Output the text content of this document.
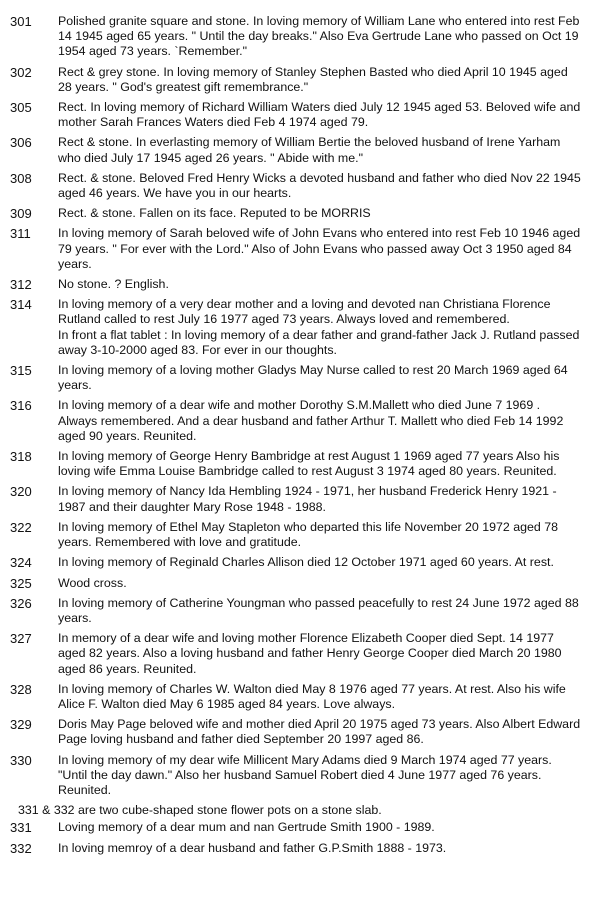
301	Polished granite square and stone. In loving memory of William Lane who entered into rest Feb 14 1945 aged 65 years. " Until the day breaks." Also Eva Gertrude Lane who passed on Oct 19 1954 aged 73 years. `Remember."

302	Rect & grey stone. In loving memory of Stanley Stephen Basted who died April 10 1945 aged 28 years. " God's greatest gift remembrance."

305	Rect. In loving memory of Richard William Waters died July 12 1945 aged 53. Beloved wife and mother Sarah Frances Waters died Feb 4 1974 aged 79.

306	Rect & stone. In everlasting memory of William Bertie the beloved husband of Irene Yarham who died July 17 1945 aged 26 years. " Abide with me."

308	Rect. & stone. Beloved Fred Henry Wicks a devoted husband and father who died Nov 22 1945 aged 46 years. We have you in our hearts.

309	Rect. & stone. Fallen on its face. Reputed to be MORRIS

311	In loving memory of Sarah beloved wife of John Evans who entered into rest Feb 10 1946 aged 79 years. " For ever with the Lord." Also of John Evans who passed away Oct 3 1950 aged 84 years.

312	No stone. ? English.

314	In loving memory of a very dear mother and a loving and devoted nan Christiana Florence Rutland called to rest July 16 1977 aged 73 years. Always loved and remembered.

In front a flat tablet : In loving memory of a dear father and grand-father Jack J. Rutland passed away 3-10-2000 aged 83. For ever in our thoughts.

315	In loving memory of a loving mother Gladys May Nurse called to rest 20 March 1969 aged 64 years.

316	In loving memory of a dear wife and mother Dorothy S.M.Mallett who died June 7 1969 . Always remembered. And a dear husband and father Arthur T. Mallett who died Feb 14 1992 aged 90 years. Reunited.

318	In loving memory of George Henry Bambridge at rest August 1 1969 aged 77 years Also his loving wife Emma Louise Bambridge called to rest August 3 1974 aged 80 years. Reunited.

320	In loving memory of Nancy Ida Hembling 1924 - 1971, her husband Frederick Henry 1921 - 1987 and their daughter Mary Rose 1948 - 1988.

322	In loving memory of Ethel May Stapleton who departed this life November 20 1972 aged 78 years. Remembered with love and gratitude.

324	In loving memory of Reginald Charles Allison died 12 October 1971 aged 60 years. At rest.

325	Wood cross.

326	In loving memory of Catherine Youngman who passed peacefully to rest 24 June 1972 aged 88 years.

327	In memory of a dear wife and loving mother Florence Elizabeth Cooper died Sept. 14 1977 aged 82 years. Also a loving husband and father Henry George Cooper died March 20 1980 aged 86 years. Reunited.

328	In loving memory of Charles W. Walton died May 8 1976 aged 77 years. At rest. Also his wife Alice F. Walton died May 6 1985 aged 84 years. Love always.

329	Doris May Page beloved wife and mother died April 20 1975 aged 73 years. Also Albert Edward Page loving husband and father died September 20 1997 aged 86.

330	In loving memory of my dear wife Millicent Mary Adams died 9 March 1974 aged 77 years. "Until the day dawn." Also her husband Samuel Robert died 4 June 1977 aged 76 years. Reunited.

331 & 332 are two cube-shaped stone flower pots on a stone slab.
331	Loving memory of a dear mum and nan Gertrude Smith 1900 - 1989.

332	In loving memroy of a dear husband and father G.P.Smith 1888 - 1973.
